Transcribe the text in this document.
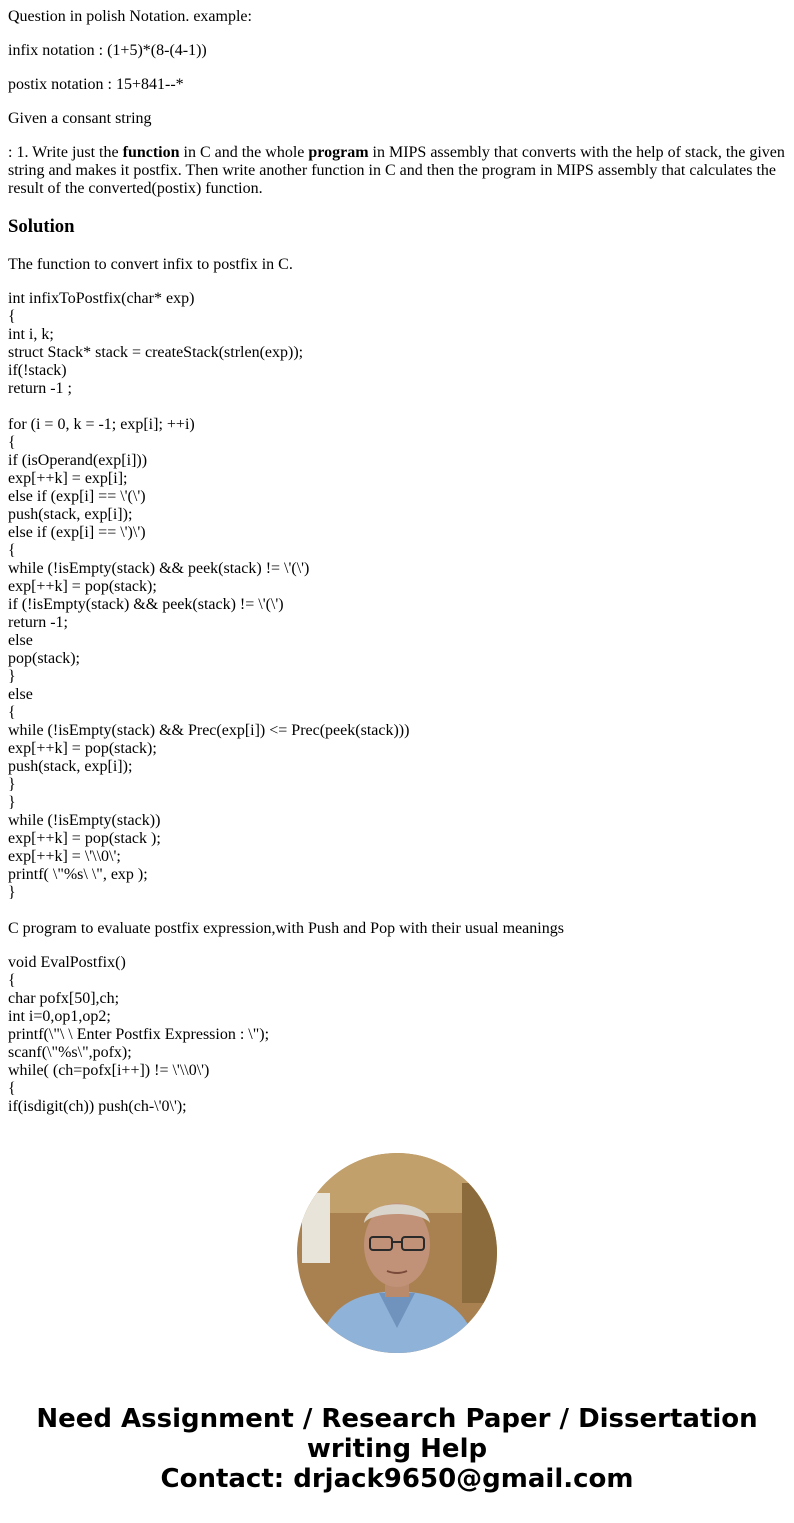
Question in polish Notation. example:

infix notation : (1+5)*(8-(4-1))

postix notation : 15+841--*

Given a consant string

: 1. Write just the function in C and the whole program in MIPS assembly that converts with the help of stack, the given string and makes it postfix. Then write another function in C and then the program in MIPS assembly that calculates the result of the converted(postix) function.

Solution

The function to convert infix to postfix in C.

int infixToPostfix(char* exp)
{
int i, k;
struct Stack* stack = createStack(strlen(exp));
if(!stack)
return -1 ;
for (i = 0, k = -1; exp[i]; ++i)
{
if (isOperand(exp[i]))
exp[++k] = exp[i];
else if (exp[i] == \'(\')
push(stack, exp[i]);
else if (exp[i] == \')\')
{
while (!isEmpty(stack) && peek(stack) != \'(\')
exp[++k] = pop(stack);
if (!isEmpty(stack) && peek(stack) != \'(\')
return -1;
else
pop(stack);
}
else
{
while (!isEmpty(stack) && Prec(exp[i]) <= Prec(peek(stack)))
exp[++k] = pop(stack);
push(stack, exp[i]);
}
}
while (!isEmpty(stack))
exp[++k] = pop(stack );
exp[++k] = \'\\0\';
printf( \"%s\ \", exp );
}

C program to evaluate postfix expression,with Push and Pop with their usual meanings

void EvalPostfix()
{
char pofx[50],ch;
int i=0,op1,op2;
printf(\"\ \ Enter Postfix Expression : \");
scanf(\"%s\",pofx);
while( (ch=pofx[i++]) != \'\\0\')
{
if(isdigit(ch)) push(ch-\'0\');
Need Assignment / Research Paper / Dissertation
writing Help
Contact: drjack9650@gmail.com
